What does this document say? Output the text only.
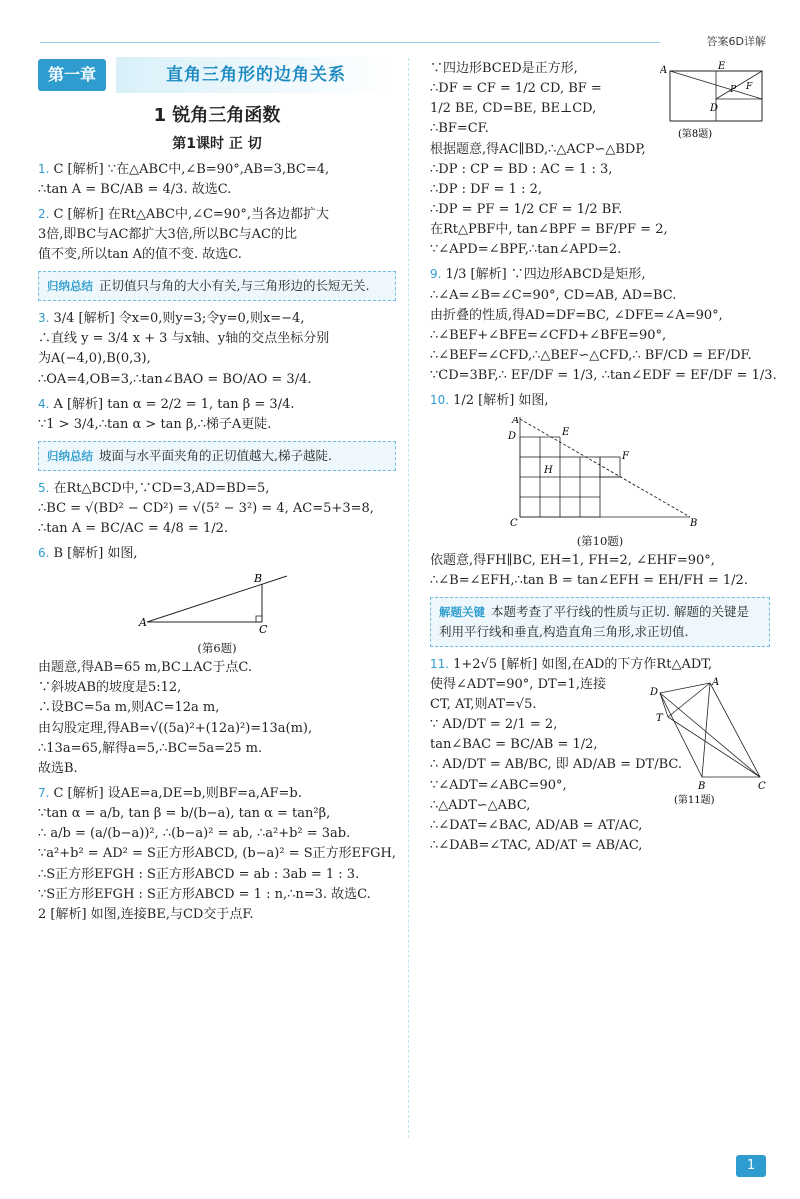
答案6D详解
第一章	直角三角形的边角关系
1 锐角三角函数
第1课时 正 切
1. C [解析] ∵在△ABC中,∠B=90°,AB=3,BC=4,
∴tan A = BC/AB = 4/3. 故选C.
2. C [解析] 在Rt△ABC中,∠C=90°,当各边都扩大
3倍,即BC与AC都扩大3倍,所以BC与AC的比
值不变,所以tan A的值不变. 故选C.
归纳总结 正切值只与角的大小有关,与三角形边的长短无关.
3. 3/4 [解析] 令x=0,则y=3;令y=0,则x=−4,
∴直线 y = 3/4 x + 3 与x轴、y轴的交点坐标分别
为A(−4,0),B(0,3),
∴OA=4,OB=3,∴tan∠BAO = BO/AO = 3/4.
4. A [解析] tan α = 2/2 = 1, tan β = 3/4.
∵1 > 3/4,∴tan α > tan β,∴梯子A更陡.
归纳总结 坡面与水平面夹角的正切值越大,梯子越陡.
5. 在Rt△BCD中,∵CD=3,AD=BD=5,
∴BC = √(BD² − CD²) = √(5² − 3²) = 4, AC=5+3=8,
∴tan A = BC/AC = 4/8 = 1/2.
6. B [解析] 如图,
A
B
C
(第6题)
由题意,得AB=65 m,BC⊥AC于点C.
∵斜坡AB的坡度是5:12,
∴设BC=5a m,则AC=12a m,
由勾股定理,得AB=√((5a)²+(12a)²)=13a(m),
∴13a=65,解得a=5,∴BC=5a=25 m.
故选B.
7. C [解析] 设AE=a,DE=b,则BF=a,AF=b.
∵tan α = a/b, tan β = b/(b−a), tan α = tan²β,
∴ a/b = (a/(b−a))², ∴(b−a)² = ab, ∴a²+b² = 3ab.
∵a²+b² = AD² = S正方形ABCD, (b−a)² = S正方形EFGH,
∴S正方形EFGH : S正方形ABCD = ab : 3ab = 1 : 3.
∵S正方形EFGH : S正方形ABCD = 1 : n,∴n=3. 故选C.
2 [解析] 如图,连接BE,与CD交于点F.
A	E
P F
D
(第8题)
∵四边形BCED是正方形,
∴DF = CF = 1/2 CD, BF =
1/2 BE, CD=BE, BE⊥CD,
∴BF=CF.
根据题意,得AC∥BD,∴△ACP∽△BDP,
∴DP : CP = BD : AC = 1 : 3,
∴DP : DF = 1 : 2,
∴DP = PF = 1/2 CF = 1/2 BF.
在Rt△PBF中, tan∠BPF = BF/PF = 2,
∵∠APD=∠BPF,∴tan∠APD=2.
9. 1/3 [解析] ∵四边形ABCD是矩形,
∴∠A=∠B=∠C=90°, CD=AB, AD=BC.
由折叠的性质,得AD=DF=BC, ∠DFE=∠A=90°,
∴∠BEF+∠BFE=∠CFD+∠BFE=90°,
∴∠BEF=∠CFD,∴△BEF∽△CFD,∴ BF/CD = EF/DF.
∵CD=3BF,∴ EF/DF = 1/3, ∴tan∠EDF = EF/DF = 1/3.
10. 1/2 [解析] 如图,
A
D	E
F
H
C	B
(第10题)
依题意,得FH∥BC, EH=1, FH=2, ∠EHF=90°,
∴∠B=∠EFH,∴tan B = tan∠EFH = EH/FH = 1/2.
解题关键 本题考查了平行线的性质与正切. 解题的关键是利用平行线和垂直,构造直角三角形,求正切值.
11. 1+2√5 [解析] 如图,在AD的下方作Rt△ADT,
A
D
T
B	C
(第11题)
使得∠ADT=90°, DT=1,连接
CT, AT,则AT=√5.
∵ AD/DT = 2/1 = 2,
tan∠BAC = BC/AB = 1/2,
∴ AD/DT = AB/BC, 即 AD/AB = DT/BC.
∵∠ADT=∠ABC=90°,
∴△ADT∽△ABC,
∴∠DAT=∠BAC, AD/AB = AT/AC,
∴∠DAB=∠TAC, AD/AT = AB/AC,
1
